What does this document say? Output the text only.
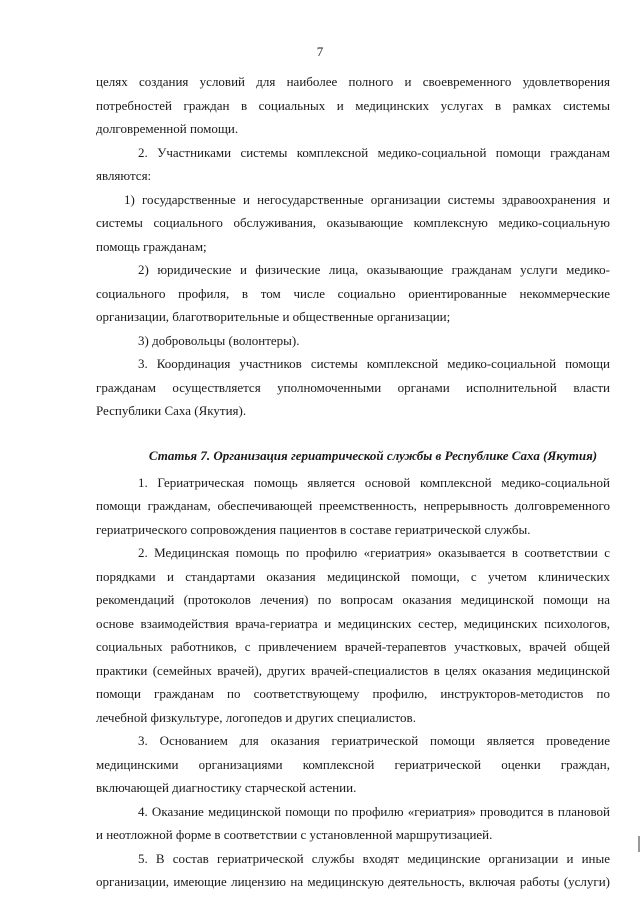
7
целях создания условий для наиболее полного и своевременного удовлетворения
потребностей граждан в социальных и медицинских услугах в рамках системы
долговременной помощи.
2. Участниками системы комплексной медико-социальной помощи гражданам
являются:
1) государственные и негосударственные организации системы здравоохранения и
системы социального обслуживания, оказывающие комплексную медико-социальную
помощь гражданам;
2) юридические и физические лица, оказывающие гражданам услуги медико-
социального профиля, в том числе социально ориентированные некоммерческие
организации, благотворительные и общественные организации;
3) добровольцы (волонтеры).
3. Координация участников системы комплексной медико-социальной помощи
гражданам осуществляется уполномоченными органами исполнительной власти
Республики Саха (Якутия).
Статья 7. Организация гериатрической службы в Республике Саха (Якутия)
1. Гериатрическая помощь является основой комплексной медико-социальной
помощи гражданам, обеспечивающей преемственность, непрерывность долговременного
гериатрического сопровождения пациентов в составе гериатрической службы.
2. Медицинская помощь по профилю «гериатрия» оказывается в соответствии с
порядками и стандартами оказания медицинской помощи, с учетом клинических
рекомендаций (протоколов лечения) по вопросам оказания медицинской помощи на
основе взаимодействия врача-гериатра и медицинских сестер, медицинских психологов,
социальных работников, с привлечением врачей-терапевтов участковых, врачей общей
практики (семейных врачей), других врачей-специалистов в целях оказания медицинской
помощи гражданам по соответствующему профилю, инструкторов-методистов по
лечебной физкультуре, логопедов и других специалистов.
3. Основанием для оказания гериатрической помощи является проведение
медицинскими организациями комплексной гериатрической оценки граждан,
включающей диагностику старческой астении.
4. Оказание медицинской помощи по профилю «гериатрия» проводится в плановой
и неотложной форме в соответствии с установленной маршрутизацией.
5. В состав гериатрической службы входят медицинские организации и иные
организации, имеющие лицензию на медицинскую деятельность, включая работы (услуги)
